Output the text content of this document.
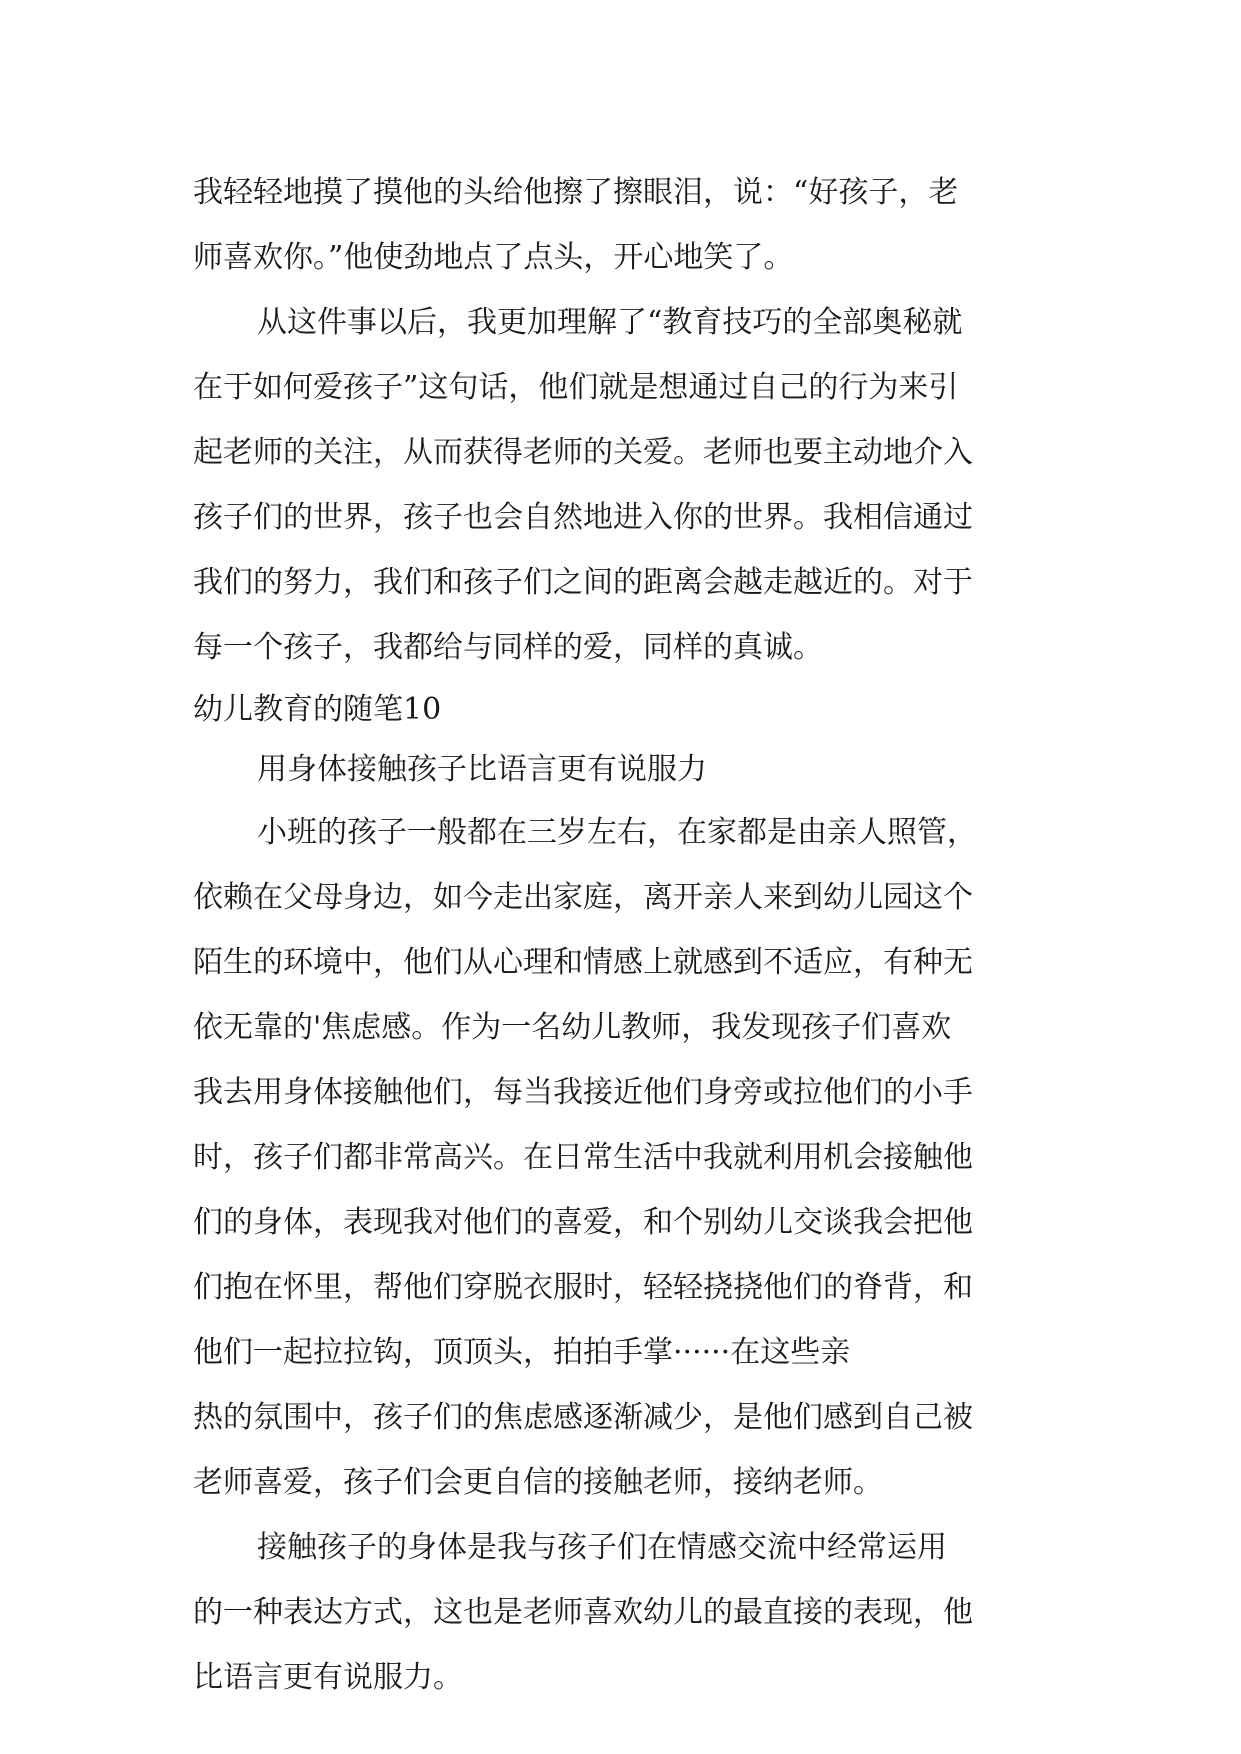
我轻轻地摸了摸他的头给他擦了擦眼泪，说：“好孩子，老
师喜欢你。”他使劲地点了点头，开心地笑了。
从这件事以后，我更加理解了“教育技巧的全部奥秘就
在于如何爱孩子”这句话，他们就是想通过自己的行为来引
起老师的关注，从而获得老师的关爱。老师也要主动地介入
孩子们的世界，孩子也会自然地进入你的世界。我相信通过
我们的努力，我们和孩子们之间的距离会越走越近的。对于
每一个孩子，我都给与同样的爱，同样的真诚。
幼儿教育的随笔10
用身体接触孩子比语言更有说服力
小班的孩子一般都在三岁左右，在家都是由亲人照管，
依赖在父母身边，如今走出家庭，离开亲人来到幼儿园这个
陌生的环境中，他们从心理和情感上就感到不适应，有种无
依无靠的'焦虑感。作为一名幼儿教师，我发现孩子们喜欢
我去用身体接触他们，每当我接近他们身旁或拉他们的小手
时，孩子们都非常高兴。在日常生活中我就利用机会接触他
们的身体，表现我对他们的喜爱，和个别幼儿交谈我会把他
们抱在怀里，帮他们穿脱衣服时，轻轻挠挠他们的脊背，和
他们一起拉拉钩，顶顶头，拍拍手掌······在这些亲
热的氛围中，孩子们的焦虑感逐渐减少，是他们感到自己被
老师喜爱，孩子们会更自信的接触老师，接纳老师。
接触孩子的身体是我与孩子们在情感交流中经常运用
的一种表达方式，这也是老师喜欢幼儿的最直接的表现，他
比语言更有说服力。
